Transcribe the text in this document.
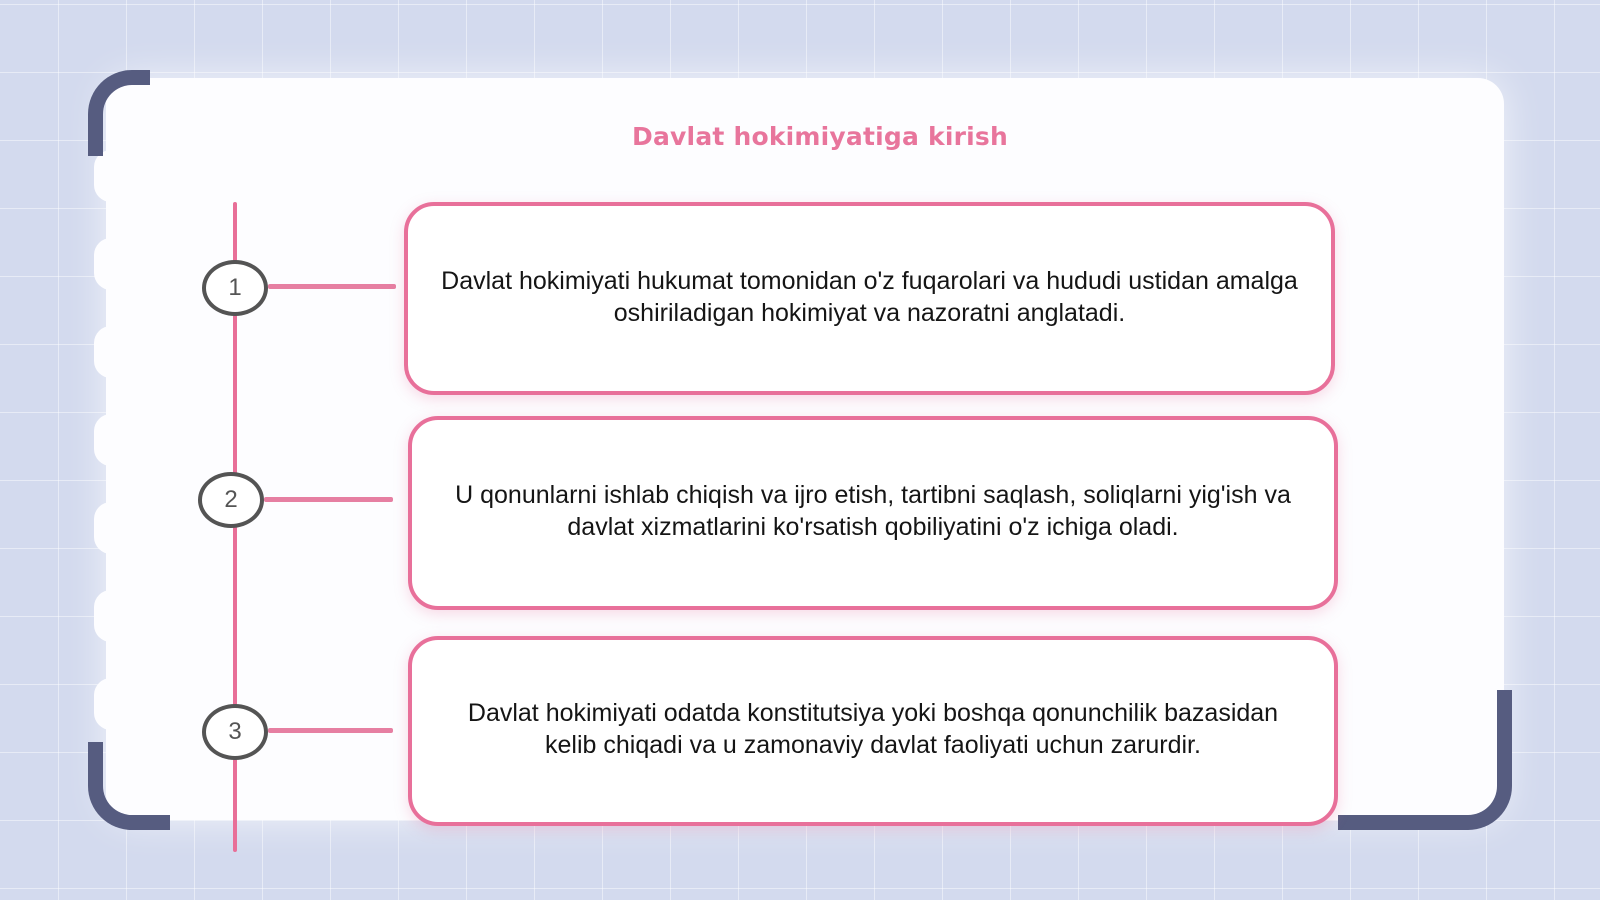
Davlat hokimiyatiga kirish
1	Davlat hokimiyati hukumat tomonidan o'z fuqarolari va hududi ustidan amalga oshiriladigan hokimiyat va nazoratni anglatadi.
2	U qonunlarni ishlab chiqish va ijro etish, tartibni saqlash, soliqlarni yig'ish va davlat xizmatlarini ko'rsatish qobiliyatini o'z ichiga oladi.
3
Davlat hokimiyati odatda konstitutsiya yoki boshqa qonunchilik bazasidan kelib chiqadi va u zamonaviy davlat faoliyati uchun zarurdir.
